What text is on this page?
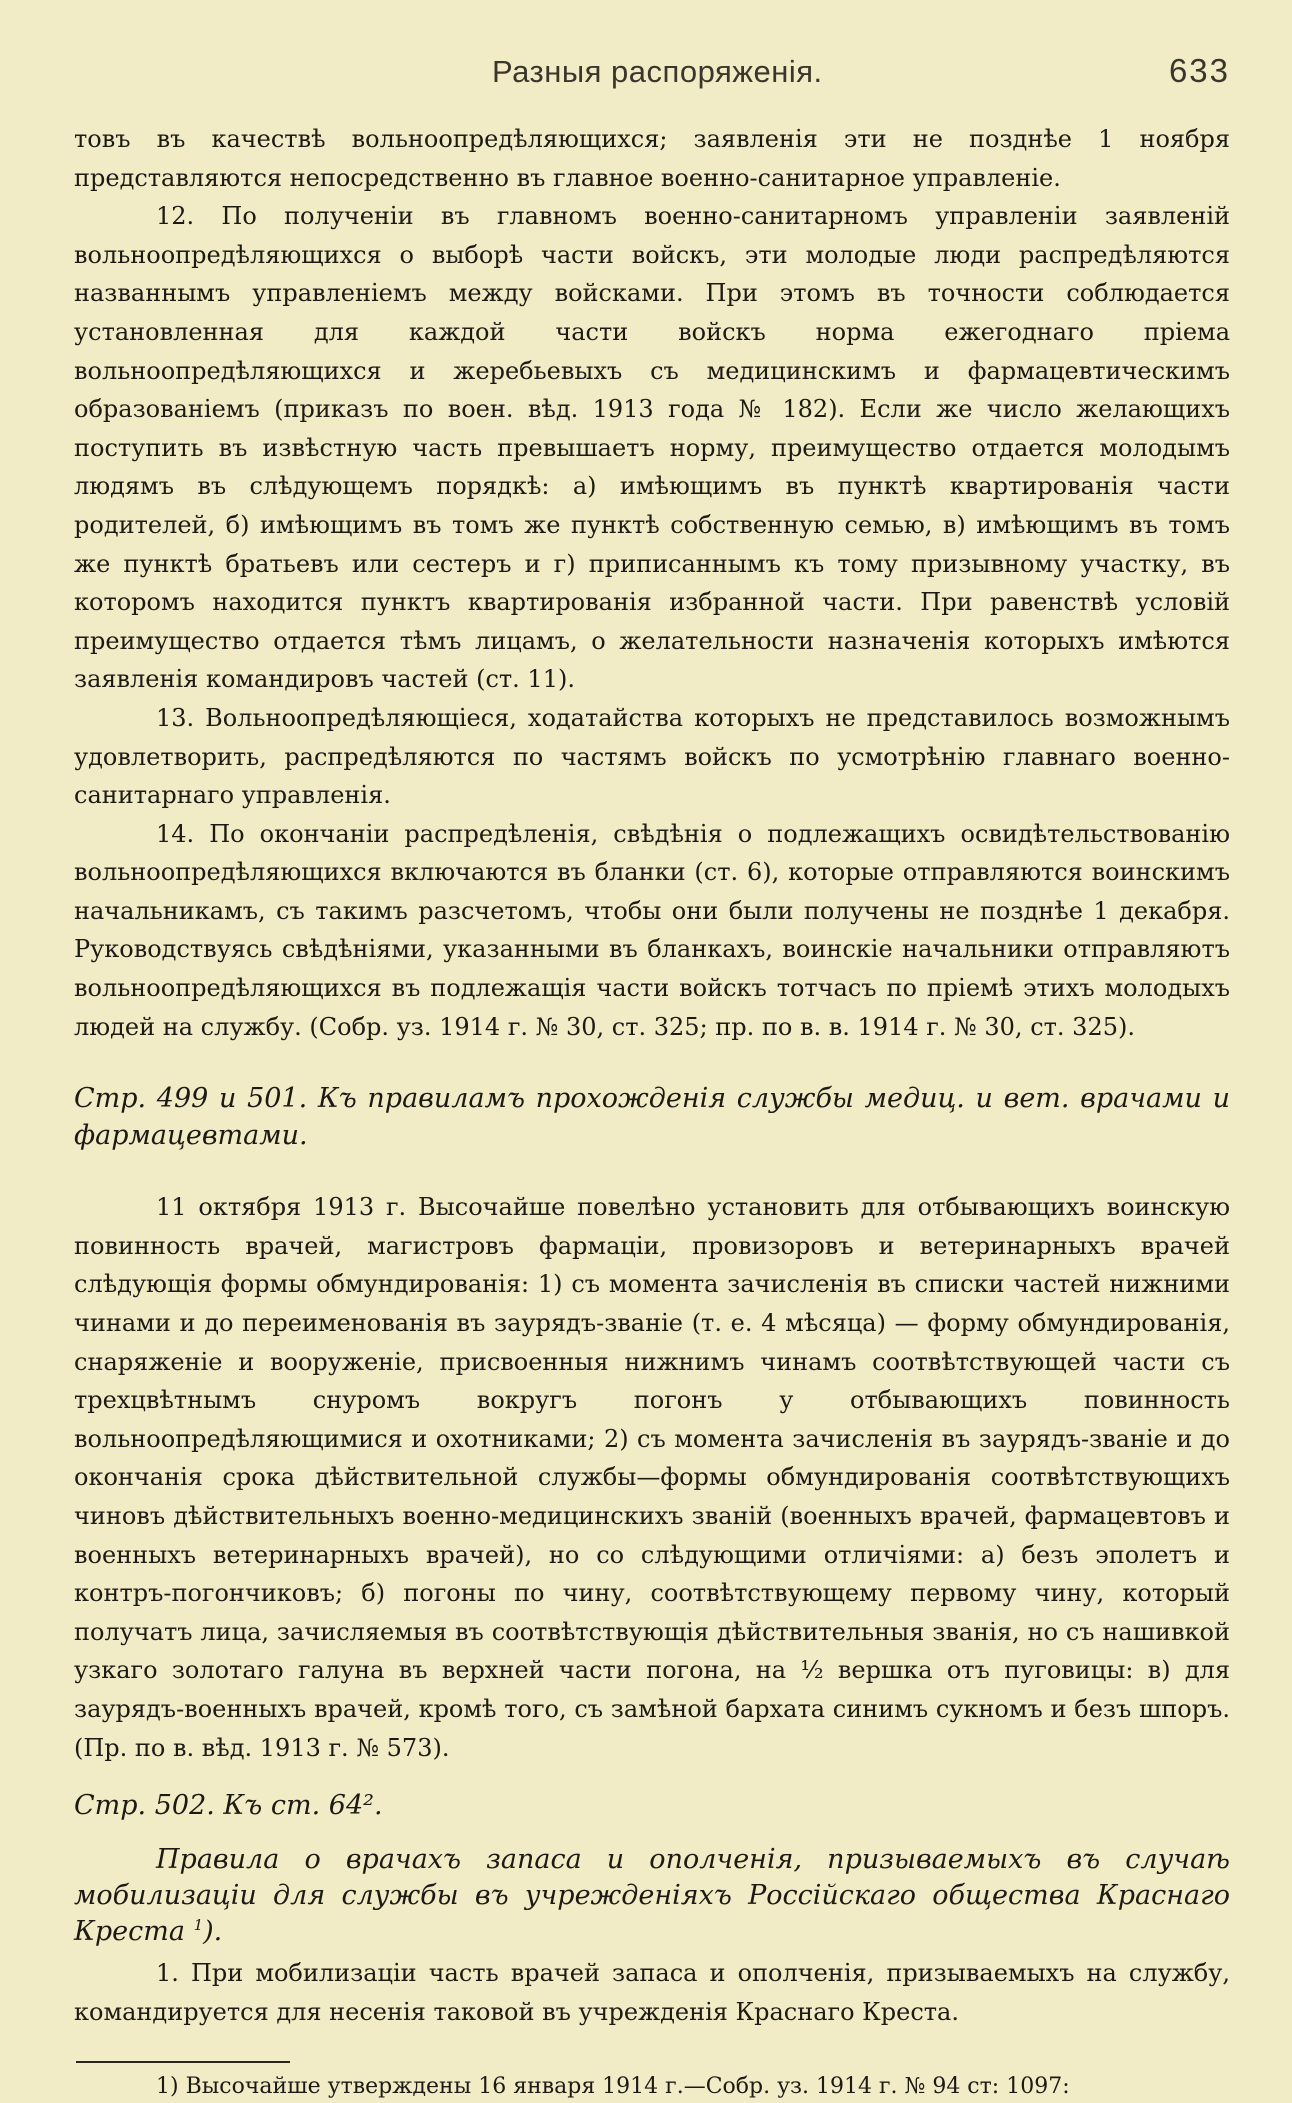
Разныя распоряженія.	633

товъ въ качествѣ вольноопредѣляющихся; заявленія эти не позднѣе 1 ноября представляются непосредственно въ главное военно-санитарное управленіе.

12. По полученіи въ главномъ военно-санитарномъ управленіи заявленій вольноопредѣляющихся о выборѣ части войскъ, эти молодые люди распредѣляются названнымъ управленіемъ между войсками. При этомъ въ точности соблюдается установленная для каждой части войскъ норма ежегоднаго пріема вольноопредѣляющихся и жеребьевыхъ съ медицинскимъ и фармацевтическимъ образованіемъ (приказъ по воен. вѣд. 1913 года № 182). Если же число желающихъ поступить въ извѣстную часть превышаетъ норму, преимущество отдается молодымъ людямъ въ слѣдующемъ порядкѣ: а) имѣющимъ въ пунктѣ квартированія части родителей, б) имѣющимъ въ томъ же пунктѣ собственную семью, в) имѣющимъ въ томъ же пунктѣ братьевъ или сестеръ и г) приписаннымъ къ тому призывному участку, въ которомъ находится пунктъ квартированія избранной части. При равенствѣ условій преимущество отдается тѣмъ лицамъ, о желательности назначенія которыхъ имѣются заявленія командировъ частей (ст. 11).

13. Вольноопредѣляющіеся, ходатайства которыхъ не представилось возможнымъ удовлетворить, распредѣляются по частямъ войскъ по усмотрѣнію главнаго военно-санитарнаго управленія.

14. По окончаніи распредѣленія, свѣдѣнія о подлежащихъ освидѣтельствованію вольноопредѣляющихся включаются въ бланки (ст. 6), которые отправляются воинскимъ начальникамъ, съ такимъ разсчетомъ, чтобы они были получены не позднѣе 1 декабря. Руководствуясь свѣдѣніями, указанными въ бланкахъ, воинскіе начальники отправляютъ вольноопредѣляющихся въ подлежащія части войскъ тотчасъ по пріемѣ этихъ молодыхъ людей на службу. (Собр. уз. 1914 г. № 30, ст. 325; пр. по в. в. 1914 г. № 30, ст. 325).

Стр. 499 и 501. Къ правиламъ прохожденія службы медиц. и вет. врачами и фармацевтами.

11 октября 1913 г. Высочайше повелѣно установить для отбывающихъ воинскую повинность врачей, магистровъ фармаціи, провизоровъ и ветеринарныхъ врачей слѣдующія формы обмундированія: 1) съ момента зачисленія въ списки частей нижними чинами и до переименованія въ заурядъ-званіе (т. е. 4 мѣсяца) — форму обмундированія, снаряженіе и вооруженіе, присвоенныя нижнимъ чинамъ соотвѣтствующей части съ трехцвѣтнымъ снуромъ вокругъ погонъ у отбывающихъ повинность вольноопредѣляющимися и охотниками; 2) съ момента зачисленія въ заурядъ-званіе и до окончанія срока дѣйствительной службы—формы обмундированія соотвѣтствующихъ чиновъ дѣйствительныхъ военно-медицинскихъ званій (военныхъ врачей, фармацевтовъ и военныхъ ветеринарныхъ врачей), но со слѣдующими отличіями: а) безъ эполетъ и контръ-погончиковъ; б) погоны по чину, соотвѣтствующему первому чину, который получатъ лица, зачисляемыя въ соотвѣтствующія дѣйствительныя званія, но съ нашивкой узкаго золотаго галуна въ верхней части погона, на ½ вершка отъ пуговицы: в) для заурядъ-военныхъ врачей, кромѣ того, съ замѣной бархата синимъ сукномъ и безъ шпоръ. (Пр. по в. вѣд. 1913 г. № 573).

Стр. 502. Къ ст. 64².

Правила о врачахъ запаса и ополченія, призываемыхъ въ случаѣ мобилизаціи для службы въ учрежденіяхъ Россійскаго общества Краснаго Креста $^1$).

1. При мобилизаціи часть врачей запаса и ополченія, призываемыхъ на службу, командируется для несенія таковой въ учрежденія Краснаго Креста.

1) Высочайше утверждены 16 января 1914 г.—Собр. уз. 1914 г. № 94 ст: 1097:
